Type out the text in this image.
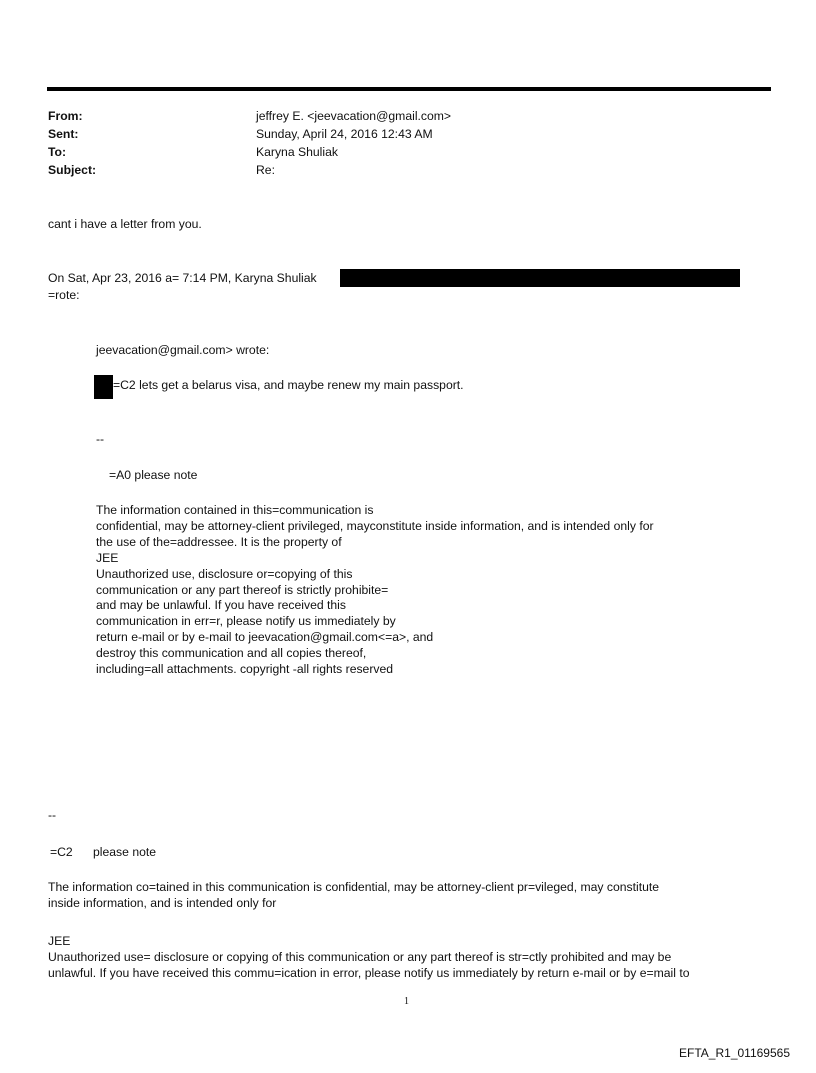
From:	jeffrey E. <jeevacation@gmail.com>
Sent:	Sunday, April 24, 2016 12:43 AM
To:	Karyna Shuliak
Subject:	Re:
cant i have a letter from you.
On Sat, Apr 23, 2016 a= 7:14 PM, Karyna Shuliak
=rote:
jeevacation@gmail.com> wrote:
=C2 lets get a belarus visa, and maybe renew my main passport.
--
=A0 please note
The information contained in this=communication is
confidential, may be attorney-client privileged, mayconstitute inside information, and is intended only for
the use of the=addressee. It is the property of
JEE
Unauthorized use, disclosure or=copying of this
communication or any part thereof is strictly prohibite=
and may be unlawful. If you have received this
communication in err=r, please notify us immediately by
return e-mail or by e-mail to jeevacation@gmail.com<=a>, and
destroy this communication and all copies thereof,
including=all attachments. copyright -all rights reserved
--
=C2      please note
The information co=tained in this communication is confidential, may be attorney-client pr=vileged, may constitute
inside information, and is intended only for
JEE
Unauthorized use= disclosure or copying of this communication or any part thereof is str=ctly prohibited and may be
unlawful. If you have received this commu=ication in error, please notify us immediately by return e-mail or by e=mail to
1
EFTA_R1_01169565
